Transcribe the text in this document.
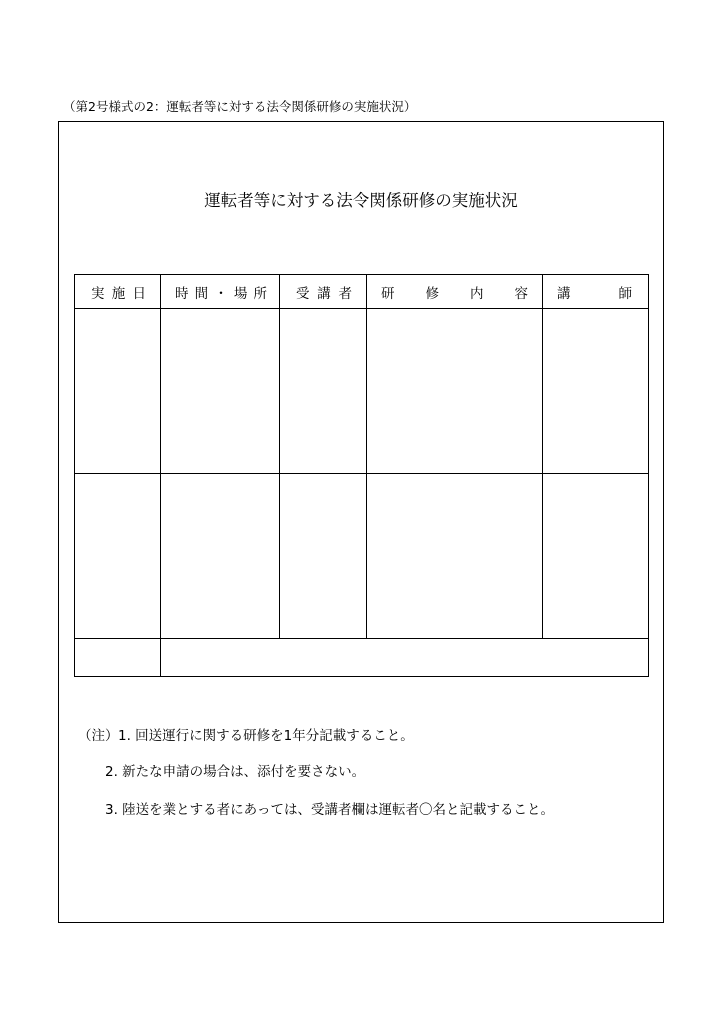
（第2号様式の2：運転者等に対する法令関係研修の実施状況）
運転者等に対する法令関係研修の実施状況
実 施 日	時 間 ・ 場 所	受 講 者	研 修 内 容	講 師

（注） 1. 回送運行に関する研修を1年分記載すること。
2. 新たな申請の場合は、添付を要さない。
3. 陸送を業とする者にあっては、受講者欄は運転者〇名と記載すること。
